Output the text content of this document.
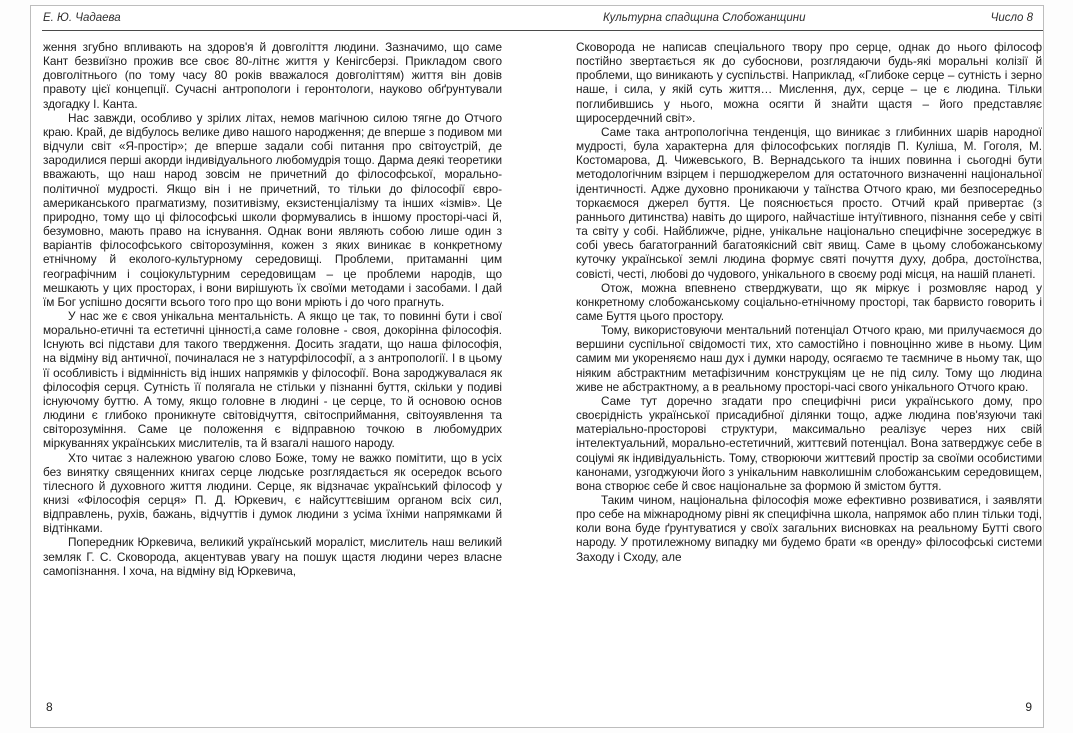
Е. Ю. Чадаева	Культурна спадщина Слобожанщини	Число 8

ження згубно впливають на здоров'я й довголіття людини. Зазначимо, що саме Кант безвиїзно прожив все своє 80-літнє життя у Кенігсберзі. Прикладом свого довголітнього (по тому часу 80 років вважалося довголіттям) життя він довів правоту цієї концепції. Сучасні антропологи і геронтологи, науково обґрунтували здогадку І. Канта.

Нас завжди, особливо у зрілих літах, немов магічною силою тягне до Отчого краю. Край, де відбулось велике диво нашого народження; де вперше з подивом ми відчули світ «Я-простір»; де вперше задали собі питання про світоустрій, де зародилися перші акорди індивідуального любомудрія тощо. Дарма деякі теоретики вважають, що наш народ зовсім не причетний до філософської, морально-політичної мудрості. Якщо він і не причетний, то тільки до філософії євро-американського прагматизму, позитивізму, екзистенціалізму та інших «ізмів». Це природно, тому що ці філософські школи формувались в іншому просторі-часі й, безумовно, мають право на існування. Однак вони являють собою лише один з варіантів філософського світорозуміння, кожен з яких виникає в конкретному етнічному й еколого-культурному середовищі. Проблеми, притаманні цим географічним і соціокультурним середовищам – це проблеми народів, що мешкають у цих просторах, і вони вирішують їх своїми методами і засобами. І дай їм Бог успішно досягти всього того про що вони мріють і до чого прагнуть.

У нас же є своя унікальна ментальність. А якщо це так, то повинні бути і свої морально-етичні та естетичні цінності,а саме головне - своя, докорінна філософія. Існують всі підстави для такого твердження. Досить згадати, що наша філософія, на відміну від античної, починалася не з натурфілософії, а з антропології. І в цьому її особливість і відмінність від інших напрямків у філософії. Вона зароджувалася як філософія серця. Сутність її полягала не стільки у пізнанні буття, скільки у подиві існуючому буттю. А тому, якщо головне в людині - це серце, то й основою основ людини є глибоко проникнуте світовідчуття, світосприймання, світоуявлення та світорозуміння. Саме це положення є відправною точкою в любомудрих міркуваннях українських мислителів, та й взагалі нашого народу.

Хто читає з належною увагою слово Боже, тому не важко помітити, що в усіх без винятку священних книгах серце людське розглядається як осередок всього тілесного й духовного життя людини. Серце, як відзначає український філософ у книзі «Філософія серця» П. Д. Юркевич, є найсуттєвішим органом всіх сил, відправлень, рухів, бажань, відчуттів і думок людини з усіма їхніми напрямками й відтінками.

Попередник Юркевича, великий український мораліст, мислитель наш великий земляк Г. С. Сковорода, акцентував увагу на пошук щастя людини через власне самопізнання. І хоча, на відміну від Юркевича,

Сковорода не написав спеціального твору про серце, однак до нього філософ постійно звертається як до субоснови, розглядаючи будь-які моральні колізії й проблеми, що виникають у суспільстві. Наприклад, «Глибоке серце – сутність і зерно наше, і сила, у якій суть життя… Мислення, дух, серце – це є людина. Тільки поглибившись у нього, можна осягти й знайти щастя – його представляє щиросердечний світ».

Саме така антропологічна тенденція, що виникає з глибинних шарів народної мудрості, була характерна для філософських поглядів П. Куліша, М. Гоголя, М. Костомарова, Д. Чижевського, В. Вернадського та інших повинна і сьогодні бути методологічним взірцем і першоджерелом для остаточного визначенні національної ідентичності. Адже духовно проникаючи у таїнства Отчого краю, ми безпосередньо торкаємося джерел буття. Це пояснюється просто. Отчий край привертає (з раннього дитинства) навіть до щирого, найчастіше інтуїтивного, пізнання себе у світі та світу у собі. Найближче, рідне, унікальне національно специфічне зосереджує в собі увесь багатогранний багатоякісний світ явищ. Саме в цьому слобожанському куточку української землі людина формує святі почуття духу, добра, достоїнства, совісті, честі, любові до чудового, унікального в своєму роді місця, на нашій планеті.

Отож, можна впевнено стверджувати, що як міркує і розмовляє народ у конкретному слобожанському соціально-етнічному просторі, так барвисто говорить і саме Буття цього простору.

Тому, використовуючи ментальний потенціал Отчого краю, ми прилучаємося до вершини суспільної свідомості тих, хто самостійно і повноцінно живе в ньому. Цим самим ми укореняємо наш дух і думки народу, осягаємо те таємниче в ньому так, що ніяким абстрактним метафізичним конструкціям це не під силу. Тому що людина живе не абстрактному, а в реальному просторі-часі свого унікального Отчого краю.

Саме тут доречно згадати про специфічні риси українського дому, про своєрідність української присадибної ділянки тощо, адже людина пов'язуючи такі матеріально-просторові структури, максимально реалізує через них свій інтелектуальний, морально-естетичний, життєвий потенціал. Вона затверджує себе в соціумі як індивідуальність. Тому, створюючи життєвий простір за своїми особистими канонами, узгоджуючи його з унікальним навколишнім слобожанським середовищем, вона створює себе й своє національне за формою й змістом буття.

Таким чином, національна філософія може ефективно розвиватися, і заявляти про себе на міжнародному рівні як специфічна школа, напрямок або плин тільки тоді, коли вона буде ґрунтуватися у своїх загальних висновках на реальному Бутті свого народу. У протилежному випадку ми будемо брати «в оренду» філософські системи Заходу і Сходу, але

8	9
